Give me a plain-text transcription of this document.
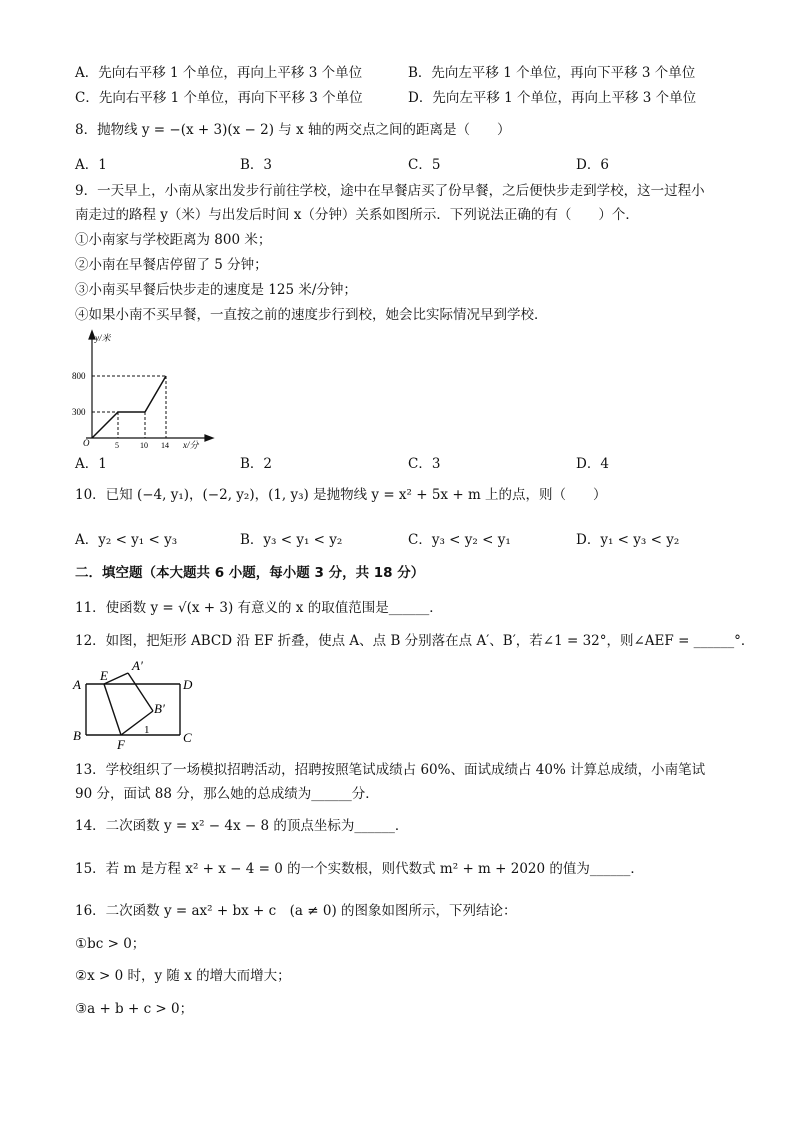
A．先向右平移 1 个单位，再向上平移 3 个单位	B．先向左平移 1 个单位，再向下平移 3 个单位
C．先向右平移 1 个单位，再向下平移 3 个单位	D．先向左平移 1 个单位，再向上平移 3 个单位
8．抛物线 y = −(x + 3)(x − 2) 与 x 轴的两交点之间的距离是（　　）
A．1	B．3	C．5	D．6
9．一天早上，小南从家出发步行前往学校，途中在早餐店买了份早餐，之后便快步走到学校，这一过程小
南走过的路程 y（米）与出发后时间 x（分钟）关系如图所示．下列说法正确的有（　　）个．
①小南家与学校距离为 800 米；
②小南在早餐店停留了 5 分钟；
③小南买早餐后快步走的速度是 125 米/分钟；
④如果小南不买早餐，一直按之前的速度步行到校，她会比实际情况早到学校．
y/米
800
300
O	5	10 14 x/分
A．1	B．2	C．3	D．4
10．已知 (−4, y₁)，(−2, y₂)，(1, y₃) 是抛物线 y = x² + 5x + m 上的点，则（　　）
A．y₂ < y₁ < y₃	B．y₃ < y₁ < y₂	C．y₃ < y₂ < y₁	D．y₁ < y₃ < y₂
二．填空题（本大题共 6 小题，每小题 3 分，共 18 分）
11．使函数 y = √(x + 3) 有意义的 x 的取值范围是______．
12．如图，把矩形 ABCD 沿 EF 折叠，使点 A、点 B 分别落在点 A′、B′，若∠1 = 32°，则∠AEF = ______°．
A
E
A′
D
B′
B
F
1	C
13．学校组织了一场模拟招聘活动，招聘按照笔试成绩占 60%、面试成绩占 40% 计算总成绩，小南笔试
90 分，面试 88 分，那么她的总成绩为______分．
14．二次函数 y = x² − 4x − 8 的顶点坐标为______．
15．若 m 是方程 x² + x − 4 = 0 的一个实数根，则代数式 m² + m + 2020 的值为______．
16．二次函数 y = ax² + bx + c　(a ≠ 0) 的图象如图所示，下列结论：
①bc > 0；
②x > 0 时，y 随 x 的增大而增大；
③a + b + c > 0；
